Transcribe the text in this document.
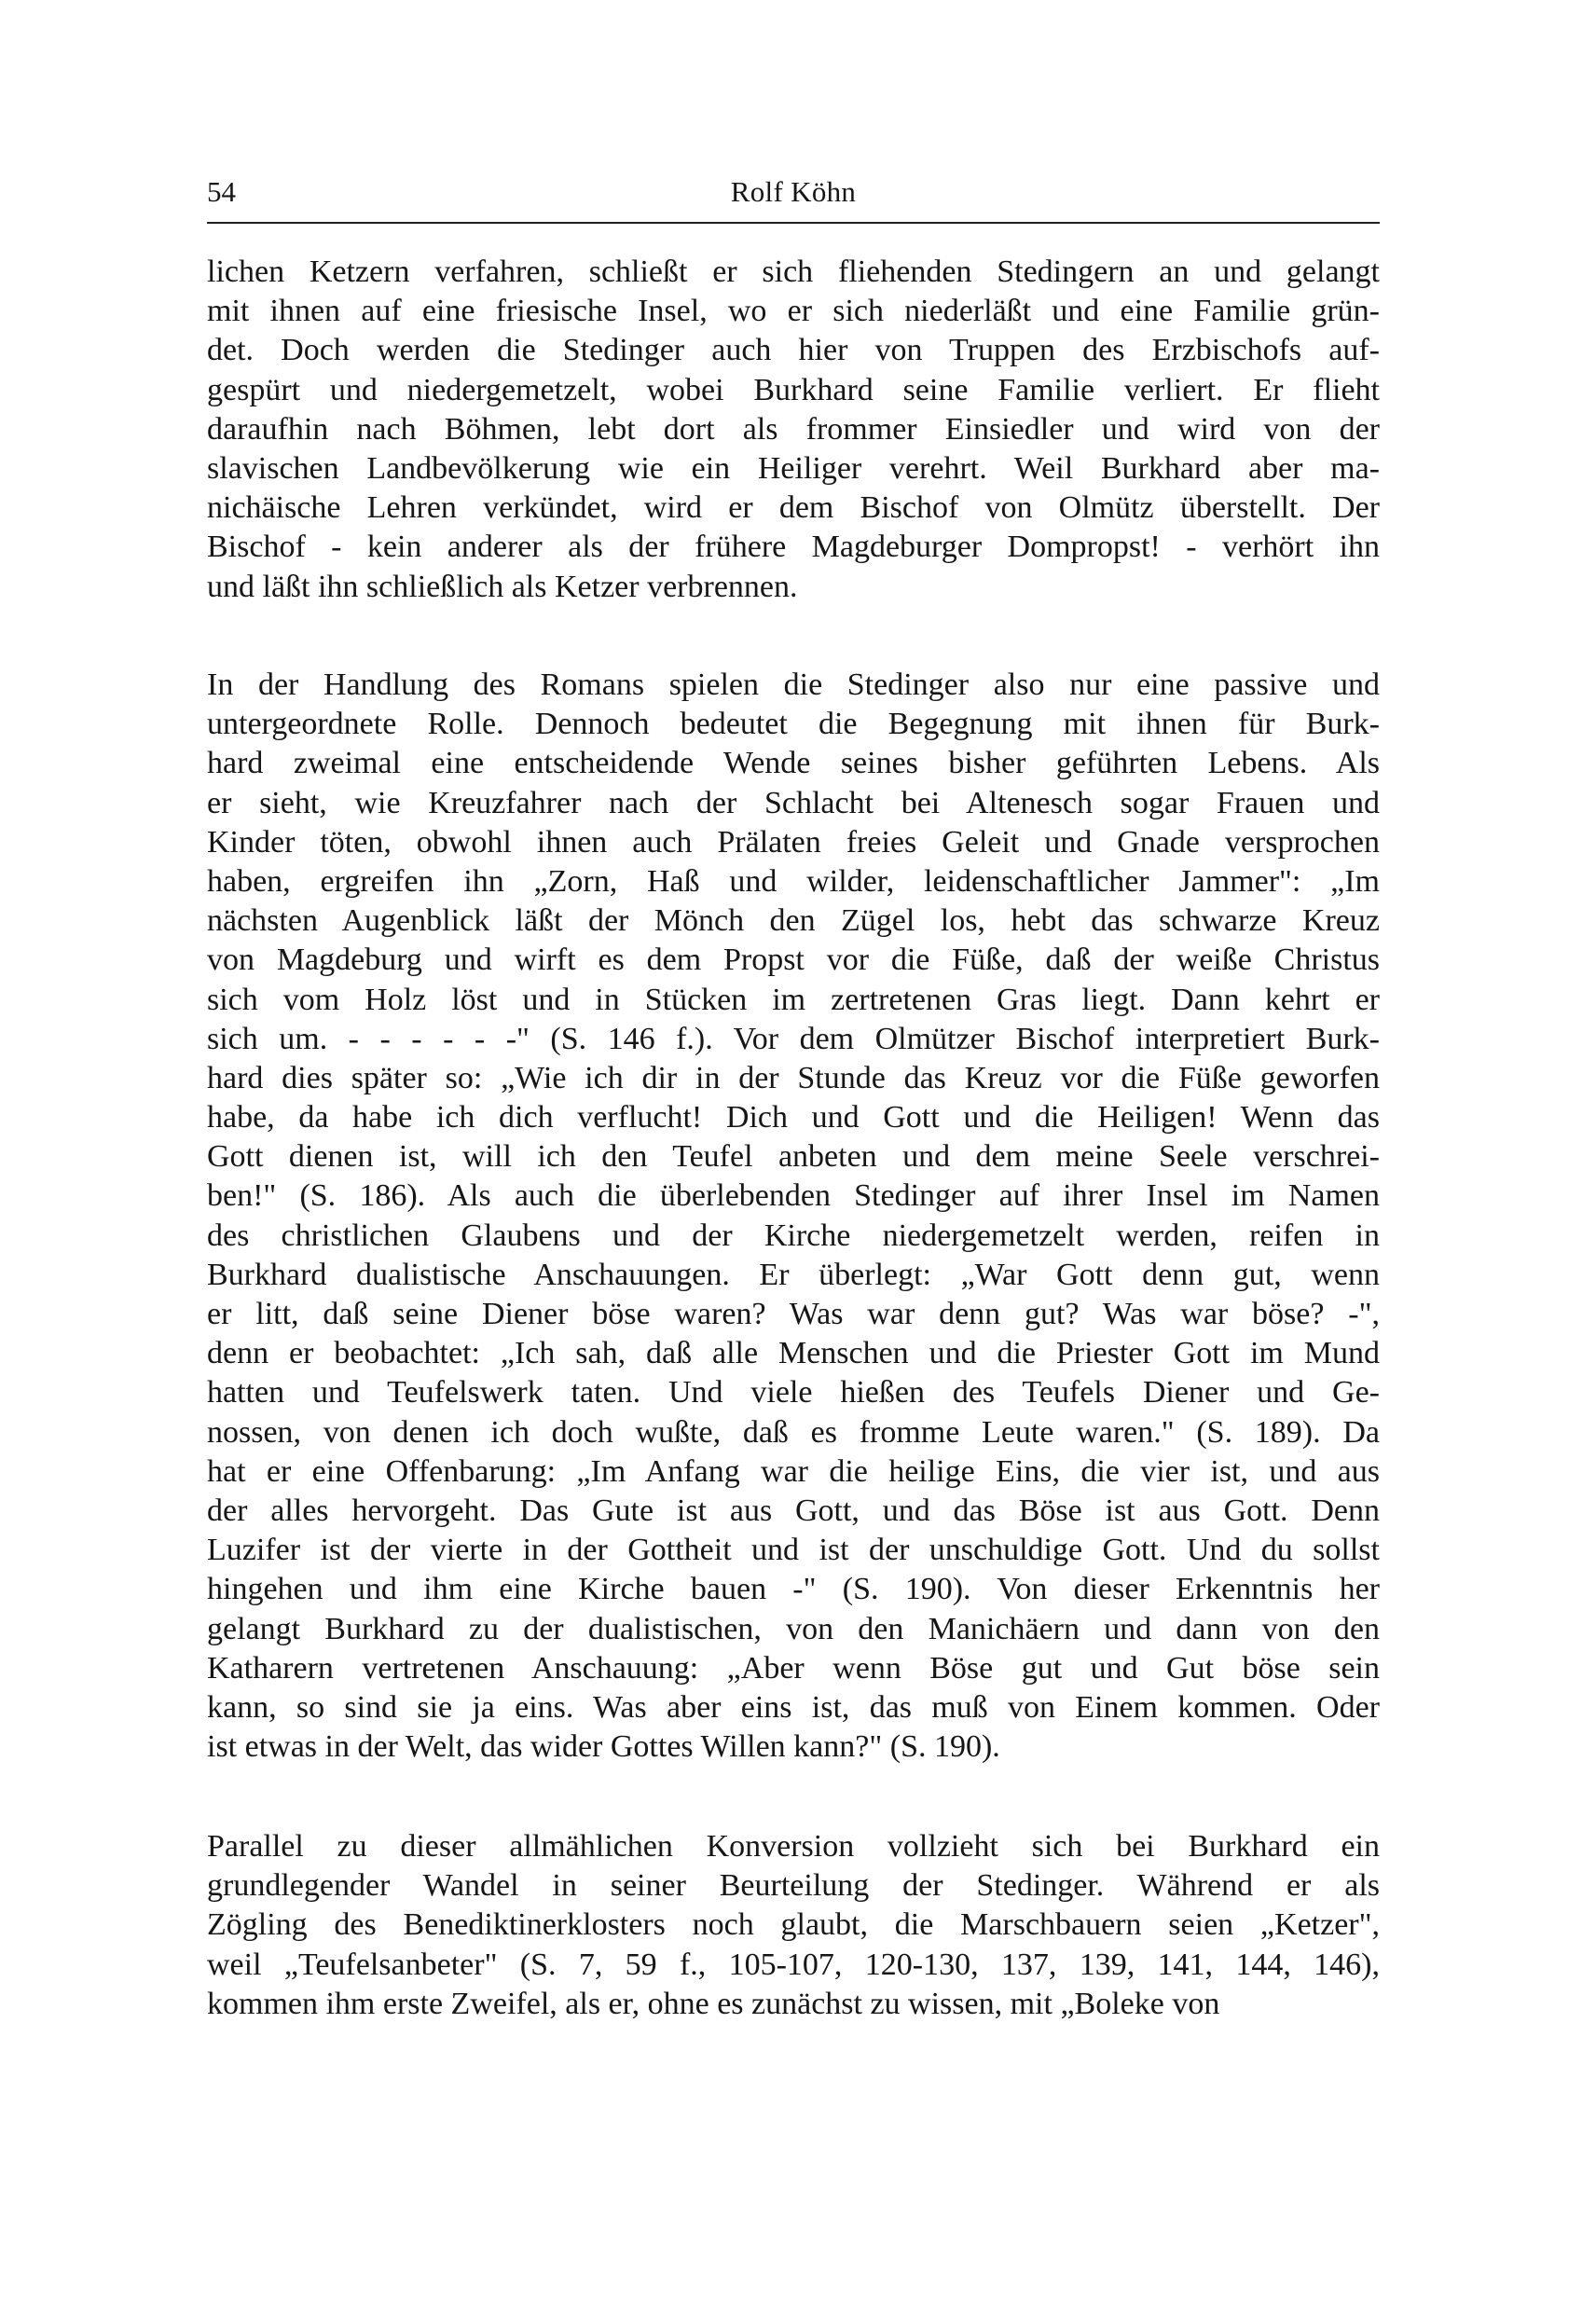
54	Rolf Köhn
lichen Ketzern verfahren, schließt er sich fliehenden Stedingern an und gelangt
mit ihnen auf eine friesische Insel, wo er sich niederläßt und eine Familie grün-
det. Doch werden die Stedinger auch hier von Truppen des Erzbischofs auf-
gespürt und niedergemetzelt, wobei Burkhard seine Familie verliert. Er flieht
daraufhin nach Böhmen, lebt dort als frommer Einsiedler und wird von der
slavischen Landbevölkerung wie ein Heiliger verehrt. Weil Burkhard aber ma-
nichäische Lehren verkündet, wird er dem Bischof von Olmütz überstellt. Der
Bischof - kein anderer als der frühere Magdeburger Dompropst! - verhört ihn
und läßt ihn schließlich als Ketzer verbrennen.
In der Handlung des Romans spielen die Stedinger also nur eine passive und
untergeordnete Rolle. Dennoch bedeutet die Begegnung mit ihnen für Burk-
hard zweimal eine entscheidende Wende seines bisher geführten Lebens. Als
er sieht, wie Kreuzfahrer nach der Schlacht bei Altenesch sogar Frauen und
Kinder töten, obwohl ihnen auch Prälaten freies Geleit und Gnade versprochen
haben, ergreifen ihn „Zorn, Haß und wilder, leidenschaftlicher Jammer": „Im
nächsten Augenblick läßt der Mönch den Zügel los, hebt das schwarze Kreuz
von Magdeburg und wirft es dem Propst vor die Füße, daß der weiße Christus
sich vom Holz löst und in Stücken im zertretenen Gras liegt. Dann kehrt er
sich um. - - - - - -" (S. 146 f.). Vor dem Olmützer Bischof interpretiert Burk-
hard dies später so: „Wie ich dir in der Stunde das Kreuz vor die Füße geworfen
habe, da habe ich dich verflucht! Dich und Gott und die Heiligen! Wenn das
Gott dienen ist, will ich den Teufel anbeten und dem meine Seele verschrei-
ben!" (S. 186). Als auch die überlebenden Stedinger auf ihrer Insel im Namen
des christlichen Glaubens und der Kirche niedergemetzelt werden, reifen in
Burkhard dualistische Anschauungen. Er überlegt: „War Gott denn gut, wenn
er litt, daß seine Diener böse waren? Was war denn gut? Was war böse? -",
denn er beobachtet: „Ich sah, daß alle Menschen und die Priester Gott im Mund
hatten und Teufelswerk taten. Und viele hießen des Teufels Diener und Ge-
nossen, von denen ich doch wußte, daß es fromme Leute waren." (S. 189). Da
hat er eine Offenbarung: „Im Anfang war die heilige Eins, die vier ist, und aus
der alles hervorgeht. Das Gute ist aus Gott, und das Böse ist aus Gott. Denn
Luzifer ist der vierte in der Gottheit und ist der unschuldige Gott. Und du sollst
hingehen und ihm eine Kirche bauen -" (S. 190). Von dieser Erkenntnis her
gelangt Burkhard zu der dualistischen, von den Manichäern und dann von den
Katharern vertretenen Anschauung: „Aber wenn Böse gut und Gut böse sein
kann, so sind sie ja eins. Was aber eins ist, das muß von Einem kommen. Oder
ist etwas in der Welt, das wider Gottes Willen kann?" (S. 190).
Parallel zu dieser allmählichen Konversion vollzieht sich bei Burkhard ein
grundlegender Wandel in seiner Beurteilung der Stedinger. Während er als
Zögling des Benediktinerklosters noch glaubt, die Marschbauern seien „Ketzer",
weil „Teufelsanbeter" (S. 7, 59 f., 105-107, 120-130, 137, 139, 141, 144, 146),
kommen ihm erste Zweifel, als er, ohne es zunächst zu wissen, mit „Boleke von
